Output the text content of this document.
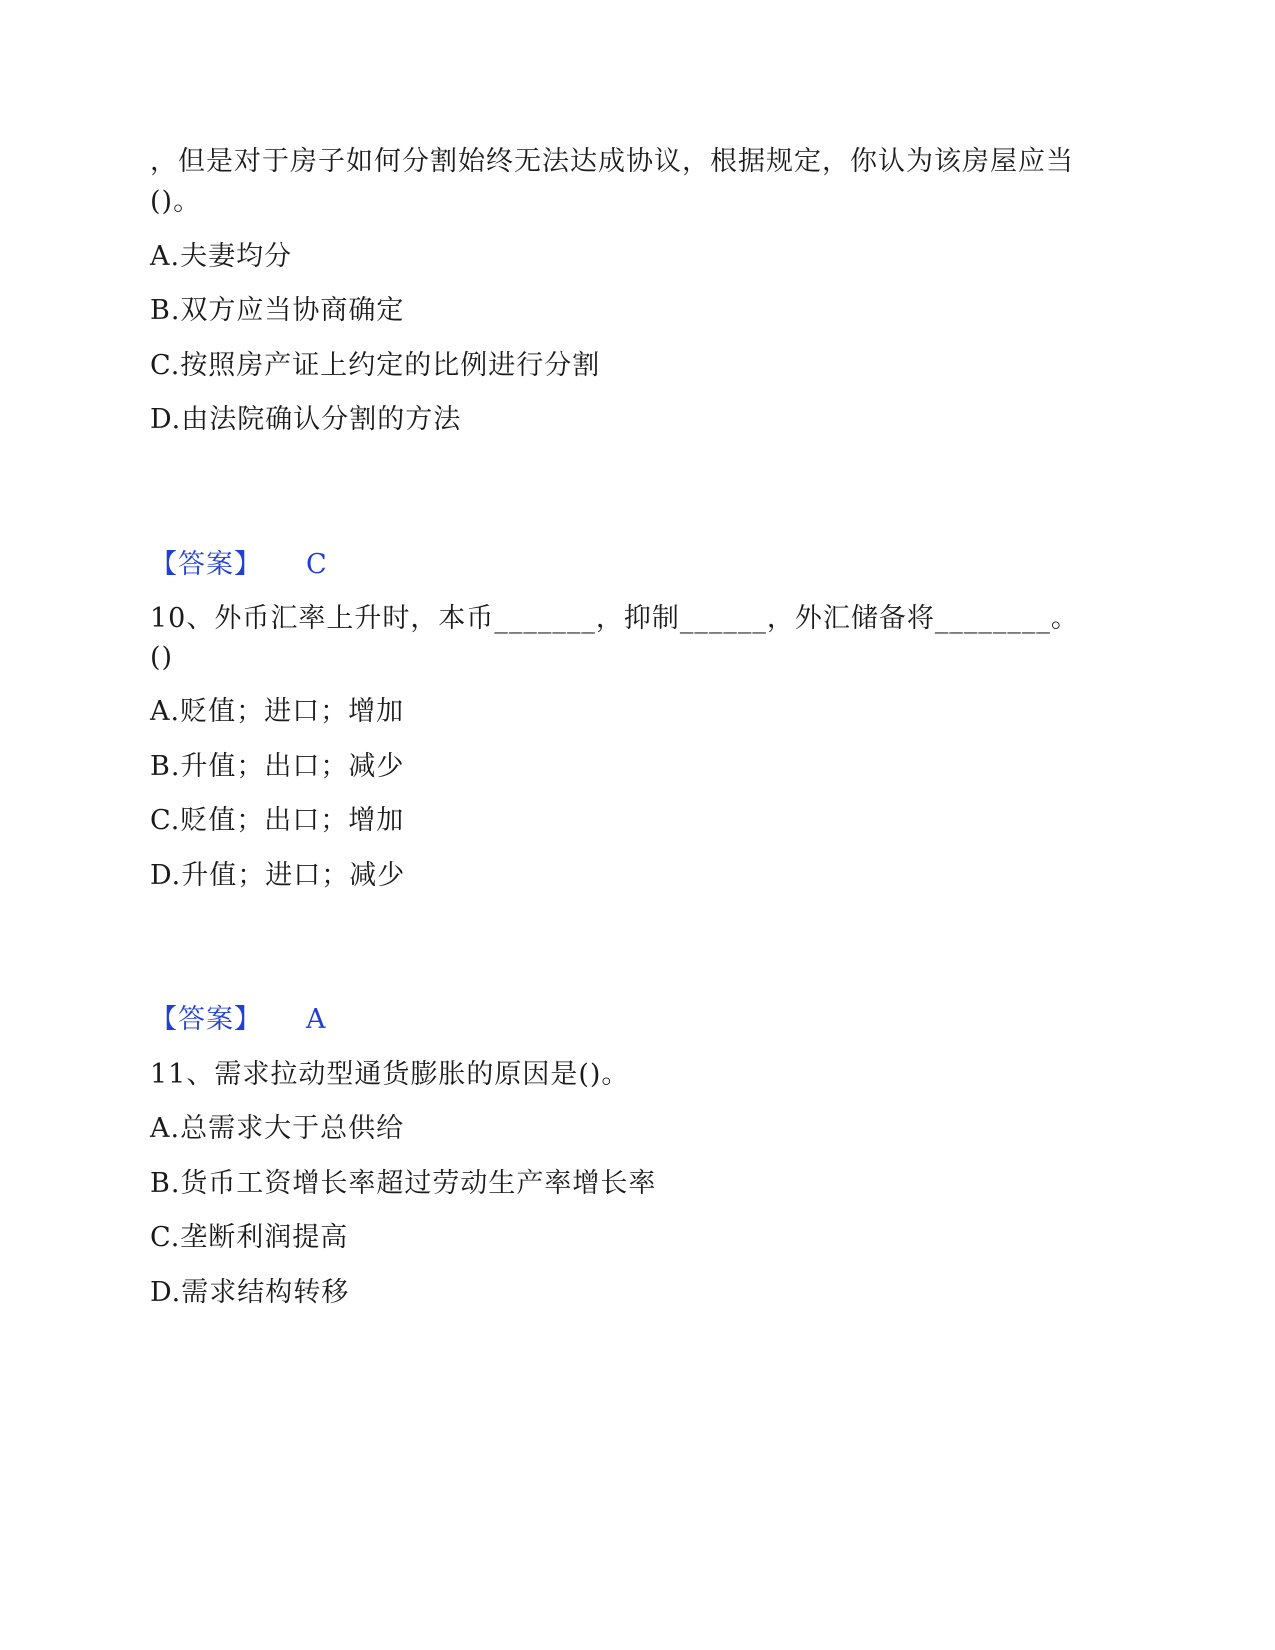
，但是对于房子如何分割始终无法达成协议，根据规定，你认为该房屋应当
()。
A.夫妻均分
B.双方应当协商确定
C.按照房产证上约定的比例进行分割
D.由法院确认分割的方法
【答案】 C
10、外币汇率上升时，本币_______，抑制______，外汇储备将________。
()
A.贬值；进口；增加
B.升值；出口；减少
C.贬值；出口；增加
D.升值；进口；减少
【答案】 A
11、需求拉动型通货膨胀的原因是()。
A.总需求大于总供给
B.货币工资增长率超过劳动生产率增长率
C.垄断利润提高
D.需求结构转移
